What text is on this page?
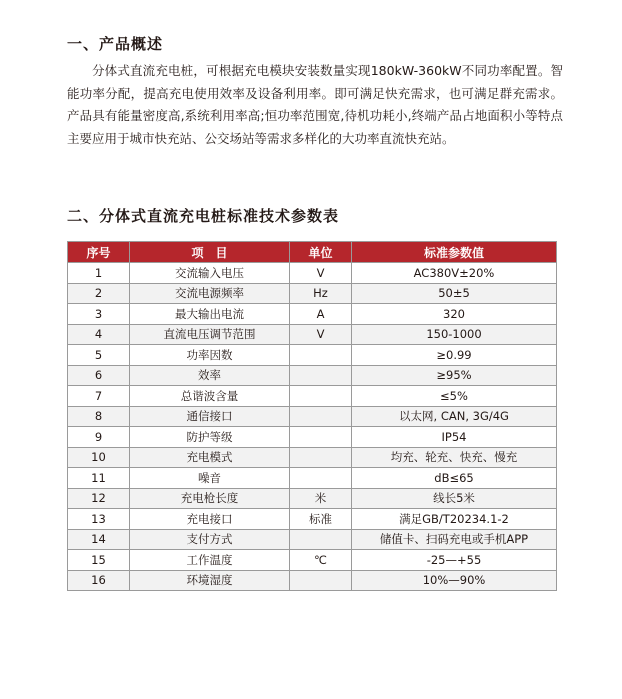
一、产品概述

分体式直流充电桩，可根据充电模块安装数量实现180kW-360kW不同功率配置。智能功率分配，提高充电使用效率及设备利用率。即可满足快充需求，也可满足群充需求。产品具有能量密度高,系统利用率高;恒功率范围宽,待机功耗小,终端产品占地面积小等特点主要应用于城市快充站、公交场站等需求多样化的大功率直流快充站。

二、分体式直流充电桩标准技术参数表
序号	项　目	单位	标准参数值
1	交流输入电压	V	AC380V±20%
2	交流电源频率	Hz	50±5
3	最大输出电流	A	320
4	直流电压调节范围	V	150-1000
5	功率因数		≥0.99
6	效率		≥95%
7	总谐波含量		≤5%
8	通信接口		以太网, CAN, 3G/4G
9	防护等级		IP54
10	充电模式		均充、轮充、快充、慢充
11	噪音		dB≤65
12	充电枪长度	米	线长5米
13	充电接口	标准	满足GB/T20234.1-2
14	支付方式		储值卡、扫码充电或手机APP
15	工作温度	℃	-25—+55
16	环境湿度		10%—90%
